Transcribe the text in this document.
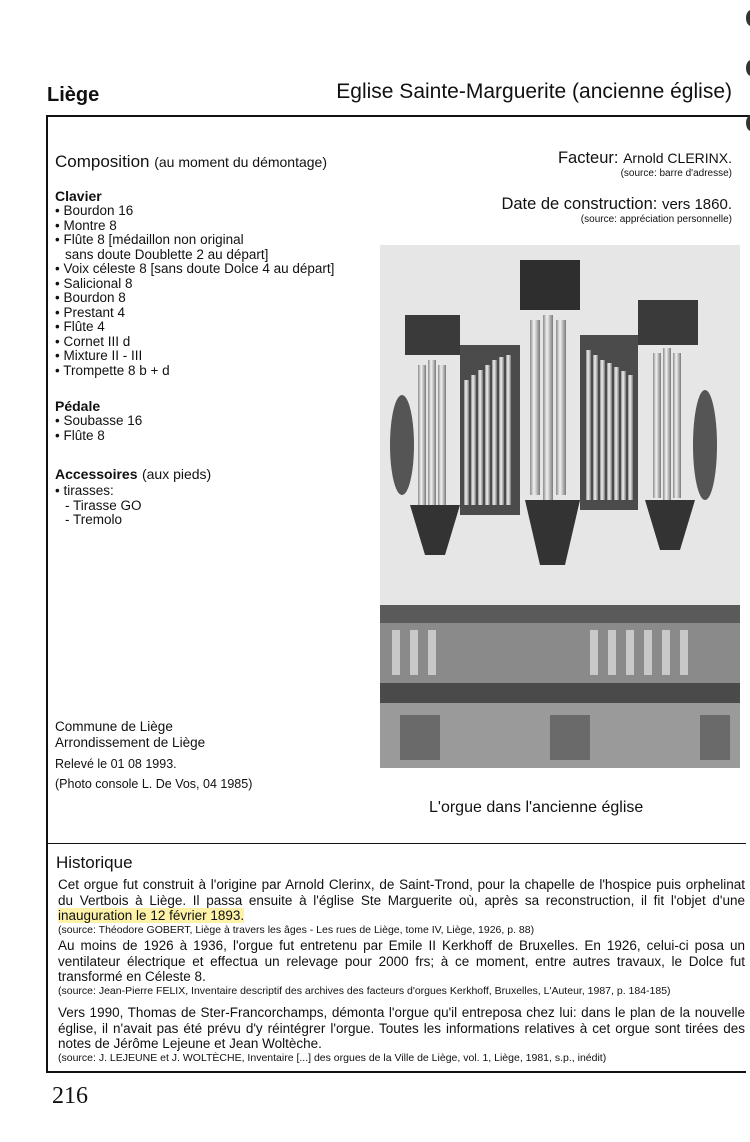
Liège	Eglise Sainte-Marguerite (ancienne église)
Composition (au moment du démontage)
Clavier
• Bourdon 16
• Montre 8
• Flûte 8 [médaillon non original
sans doute Doublette 2 au départ]
• Voix céleste 8 [sans doute Dolce 4 au départ]
• Salicional 8
• Bourdon 8
• Prestant 4
• Flûte 4
• Cornet III d
• Mixture II - III
• Trompette 8 b + d
Pédale
• Soubasse 16
• Flûte 8
Accessoires (aux pieds)
• tirasses:
- Tirasse GO
- Tremolo
Facteur: Arnold CLERINX.
(source: barre d'adresse)
Date de construction: vers 1860.
(source: appréciation personnelle)
L'orgue dans l'ancienne église
Commune de Liège
Arrondissement de Liège
Relevé le 01 08 1993.
(Photo console L. De Vos, 04 1985)
Historique
Cet orgue fut construit à l'origine par Arnold Clerinx, de Saint-Trond, pour la chapelle de l'hospice puis orphelinat du Vertbois à Liège. Il passa ensuite à l'église Ste Marguerite où, après sa reconstruction, il fit l'objet d'une inauguration le 12 février 1893.
(source: Théodore GOBERT, Liège à travers les âges - Les rues de Liège, tome IV, Liège, 1926, p. 88)
Au moins de 1926 à 1936, l'orgue fut entretenu par Emile II Kerkhoff de Bruxelles. En 1926, celui-ci posa un ventilateur électrique et effectua un relevage pour 2000 frs; à ce moment, entre autres travaux, le Dolce fut transformé en Céleste 8.
(source: Jean-Pierre FELIX, Inventaire descriptif des archives des facteurs d'orgues Kerkhoff, Bruxelles, L'Auteur, 1987, p. 184-185)
Vers 1990, Thomas de Ster-Francorchamps, démonta l'orgue qu'il entreposa chez lui: dans le plan de la nouvelle église, il n'avait pas été prévu d'y réintégrer l'orgue. Toutes les informations relatives à cet orgue sont tirées des notes de Jérôme Lejeune et Jean Woltèche.
(source: J. LEJEUNE et J. WOLTÈCHE, Inventaire [...] des orgues de la Ville de Liège, vol. 1, Liège, 1981, s.p., inédit)
216
